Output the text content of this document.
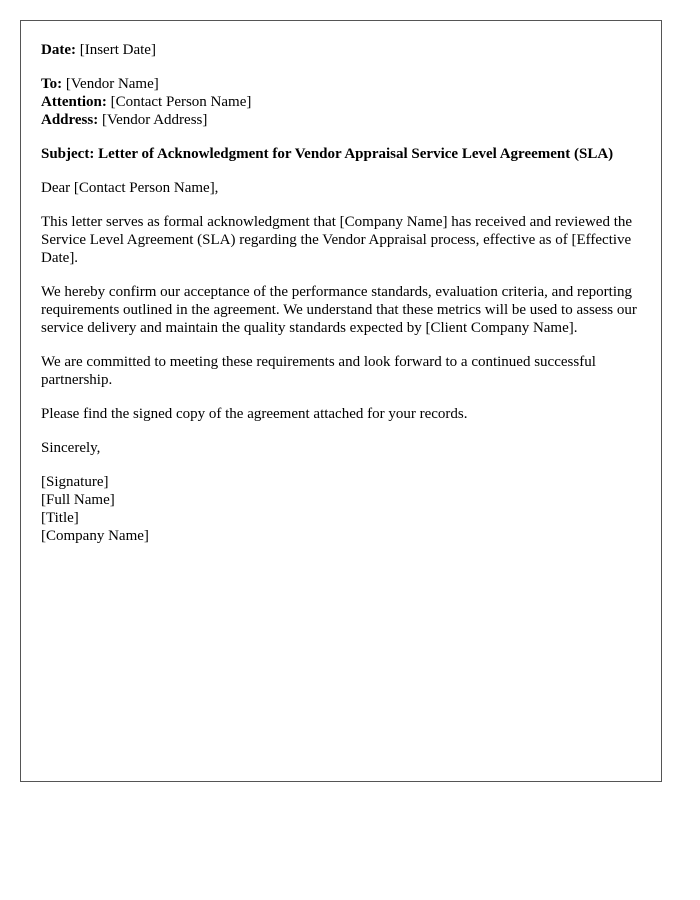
Date: [Insert Date]

To: [Vendor Name]
Attention: [Contact Person Name]
Address: [Vendor Address]

Subject: Letter of Acknowledgment for Vendor Appraisal Service Level Agreement (SLA)

Dear [Contact Person Name],

This letter serves as formal acknowledgment that [Company Name] has received and reviewed the Service Level Agreement (SLA) regarding the Vendor Appraisal process, effective as of [Effective Date].

We hereby confirm our acceptance of the performance standards, evaluation criteria, and reporting requirements outlined in the agreement. We understand that these metrics will be used to assess our service delivery and maintain the quality standards expected by [Client Company Name].

We are committed to meeting these requirements and look forward to a continued successful partnership.

Please find the signed copy of the agreement attached for your records.

Sincerely,

[Signature]
[Full Name]
[Title]
[Company Name]
